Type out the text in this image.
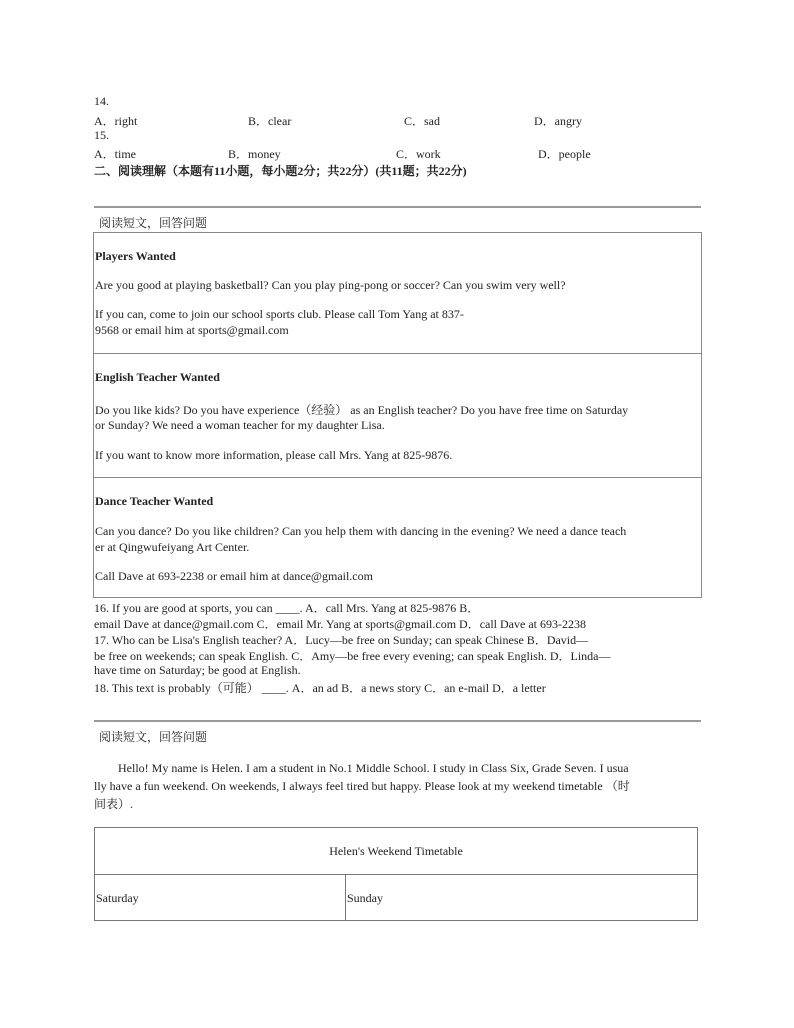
14.
A．right	B．clear	C．sad	D．angry
15.
A．time	B．money	C．work	D．people
二、阅读理解（本题有11小题，每小题2分；共22分）(共11题；共22分)
阅读短文，回答问题
Players Wanted
Are you good at playing basketball? Can you play ping-pong or soccer? Can you swim very well?
If you can, come to join our school sports club. Please call Tom Yang at 837-
9568 or email him at sports@gmail.com
English Teacher Wanted
Do you like kids? Do you have experience（经验） as an English teacher? Do you have free time on Saturday
or Sunday? We need a woman teacher for my daughter Lisa.
If you want to know more information, please call Mrs. Yang at 825-9876.
Dance Teacher Wanted
Can you dance? Do you like children? Can you help them with dancing in the evening? We need a dance teach
er at Qingwufeiyang Art Center.
Call Dave at 693-2238 or email him at dance@gmail.com
16. If you are good at sports, you can ____. A．call Mrs. Yang at 825-9876 B．
email Dave at dance@gmail.com C．email Mr. Yang at sports@gmail.com D．call Dave at 693-2238
17. Who can be Lisa's English teacher? A．Lucy—be free on Sunday; can speak Chinese B．David—
be free on weekends; can speak English. C．Amy—be free every evening; can speak English. D．Linda—
have time on Saturday; be good at English.
18. This text is probably（可能） ____. A．an ad B．a news story C．an e-mail D．a letter
阅读短文，回答问题
Hello! My name is Helen. I am a student in No.1 Middle School. I study in Class Six, Grade Seven. I usua
lly have a fun weekend. On weekends, I always feel tired but happy. Please look at my weekend timetable （时
间表）.
Helen's Weekend Timetable
Saturday	Sunday
